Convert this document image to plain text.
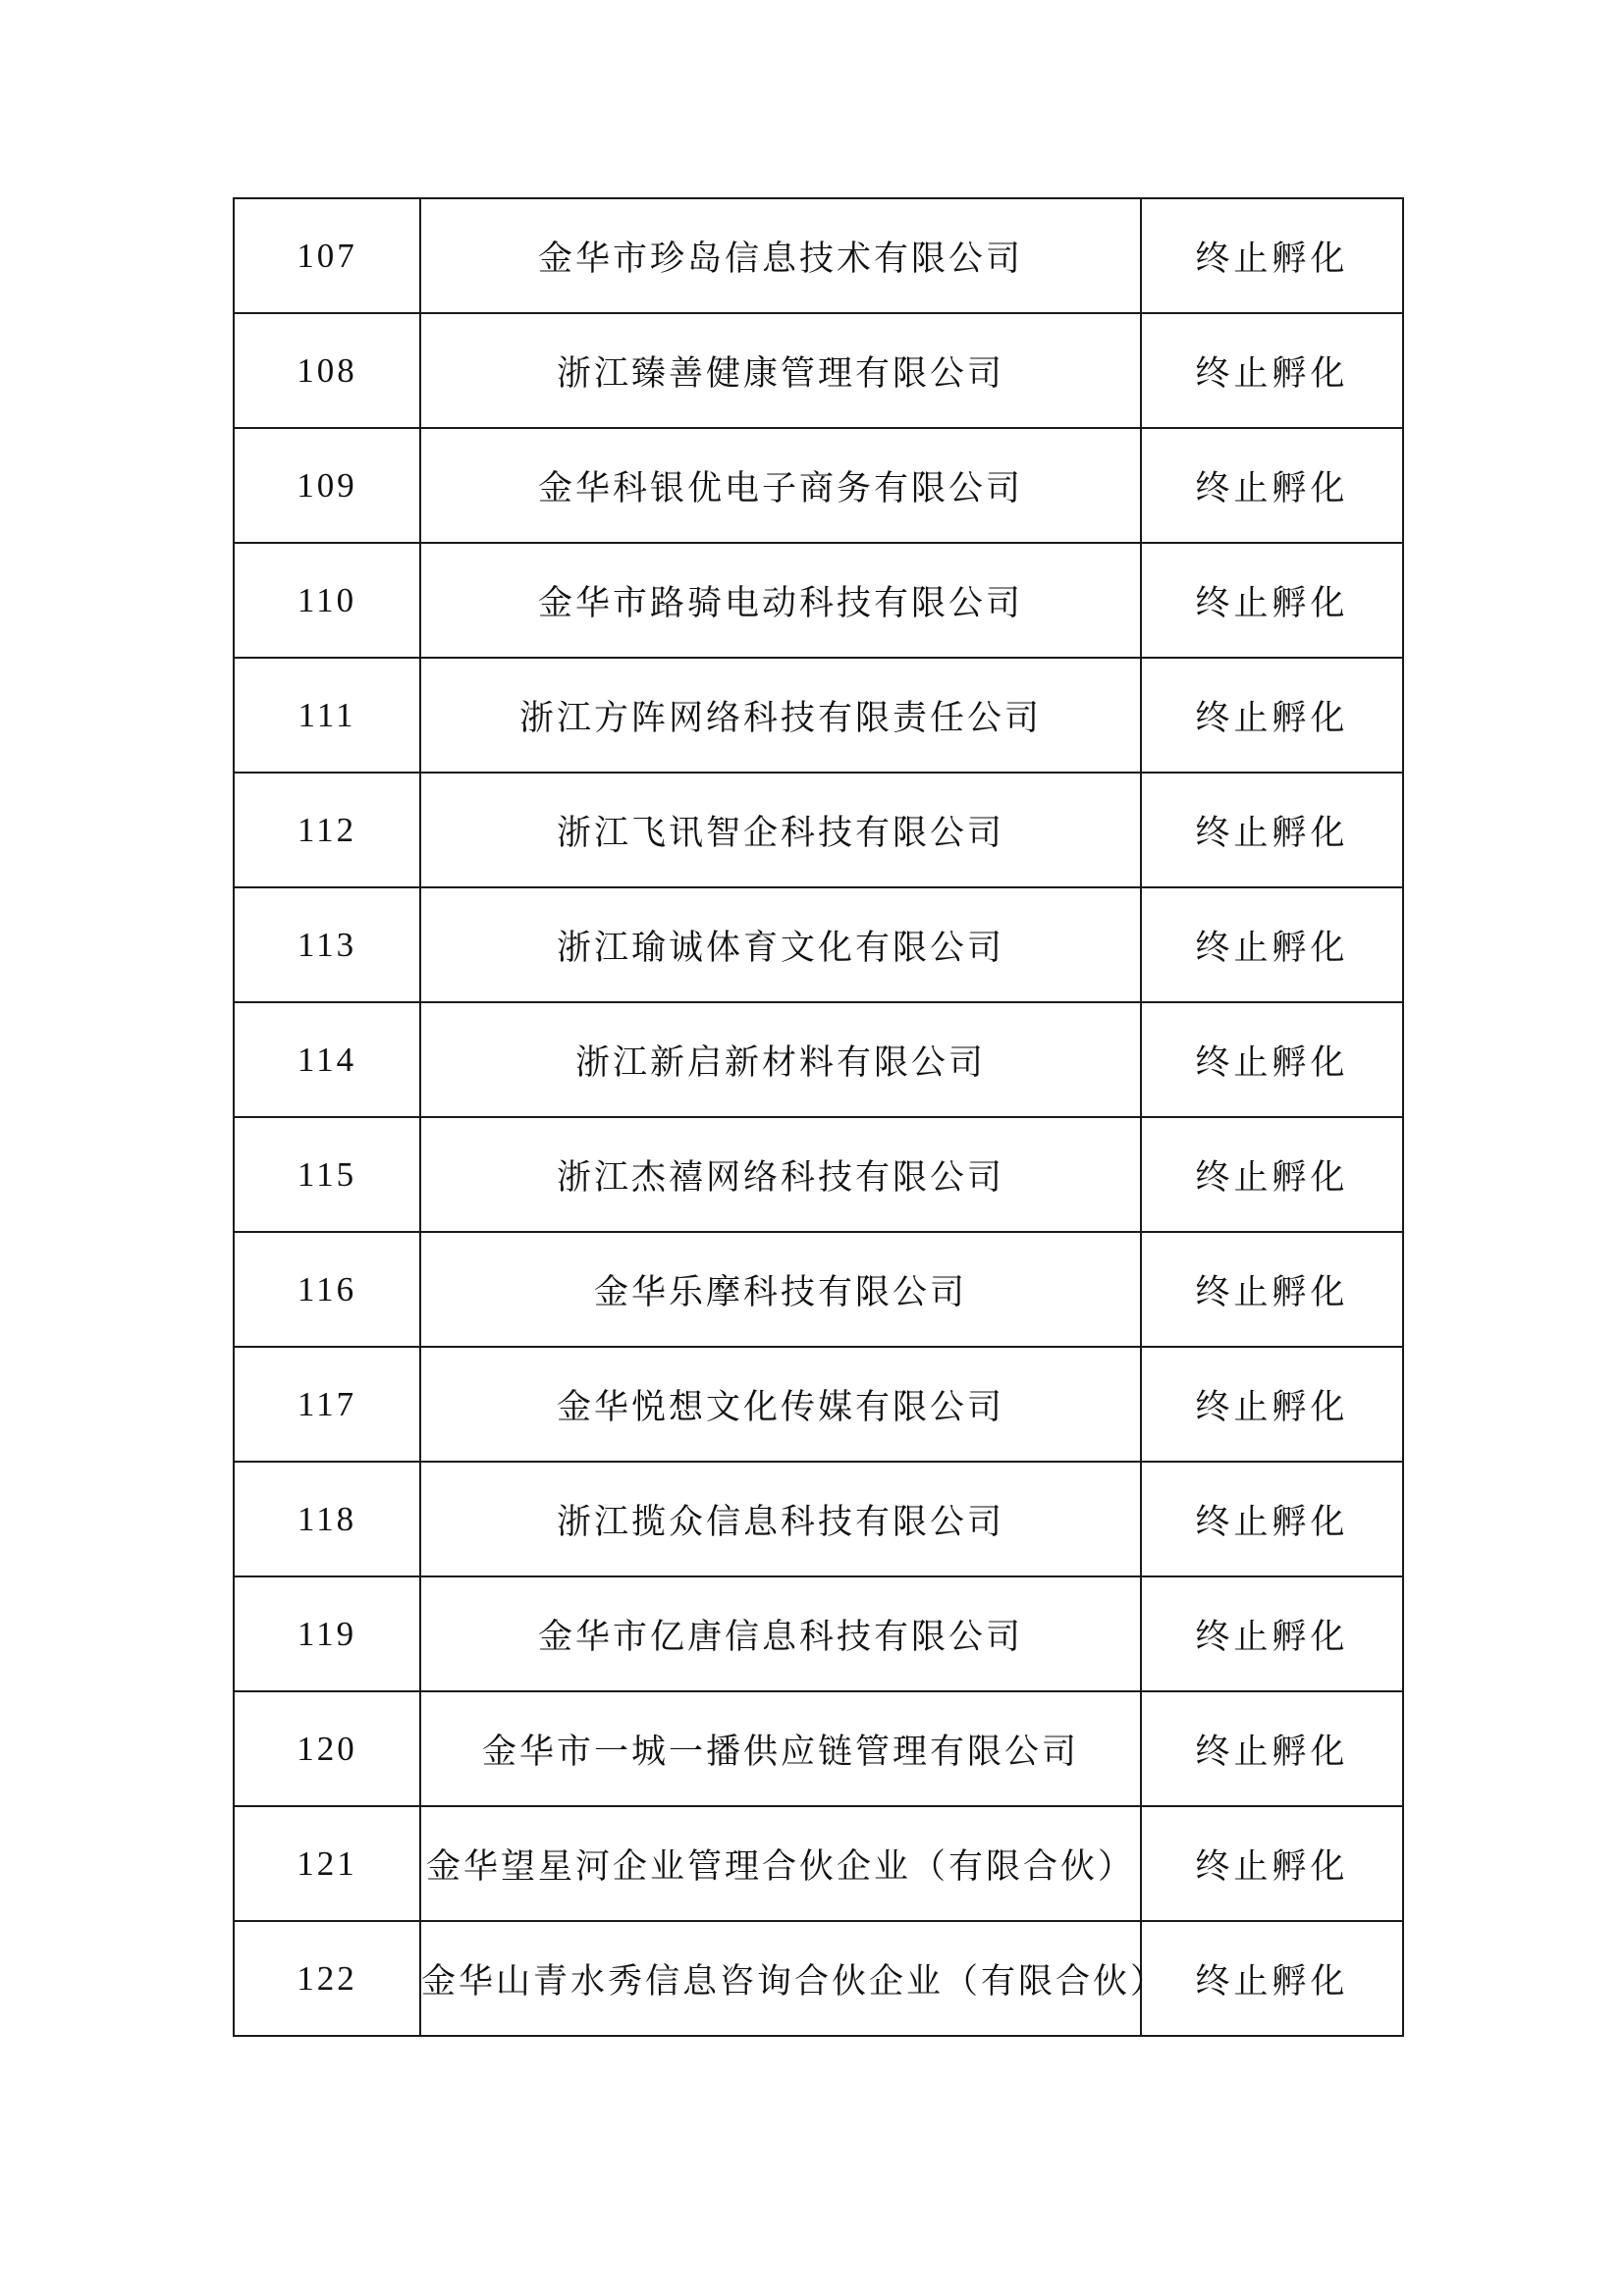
107	金华市珍岛信息技术有限公司	终止孵化
108	浙江臻善健康管理有限公司	终止孵化
109	金华科银优电子商务有限公司	终止孵化
110	金华市路骑电动科技有限公司	终止孵化
111	浙江方阵网络科技有限责任公司	终止孵化
112	浙江飞讯智企科技有限公司	终止孵化
113	浙江瑜诚体育文化有限公司	终止孵化
114	浙江新启新材料有限公司	终止孵化
115	浙江杰禧网络科技有限公司	终止孵化
116	金华乐摩科技有限公司	终止孵化
117	金华悦想文化传媒有限公司	终止孵化
118	浙江揽众信息科技有限公司	终止孵化
119	金华市亿唐信息科技有限公司	终止孵化
120	金华市一城一播供应链管理有限公司	终止孵化
121	金华望星河企业管理合伙企业（有限合伙）	终止孵化
122	金华山青水秀信息咨询合伙企业（有限合伙）	终止孵化
